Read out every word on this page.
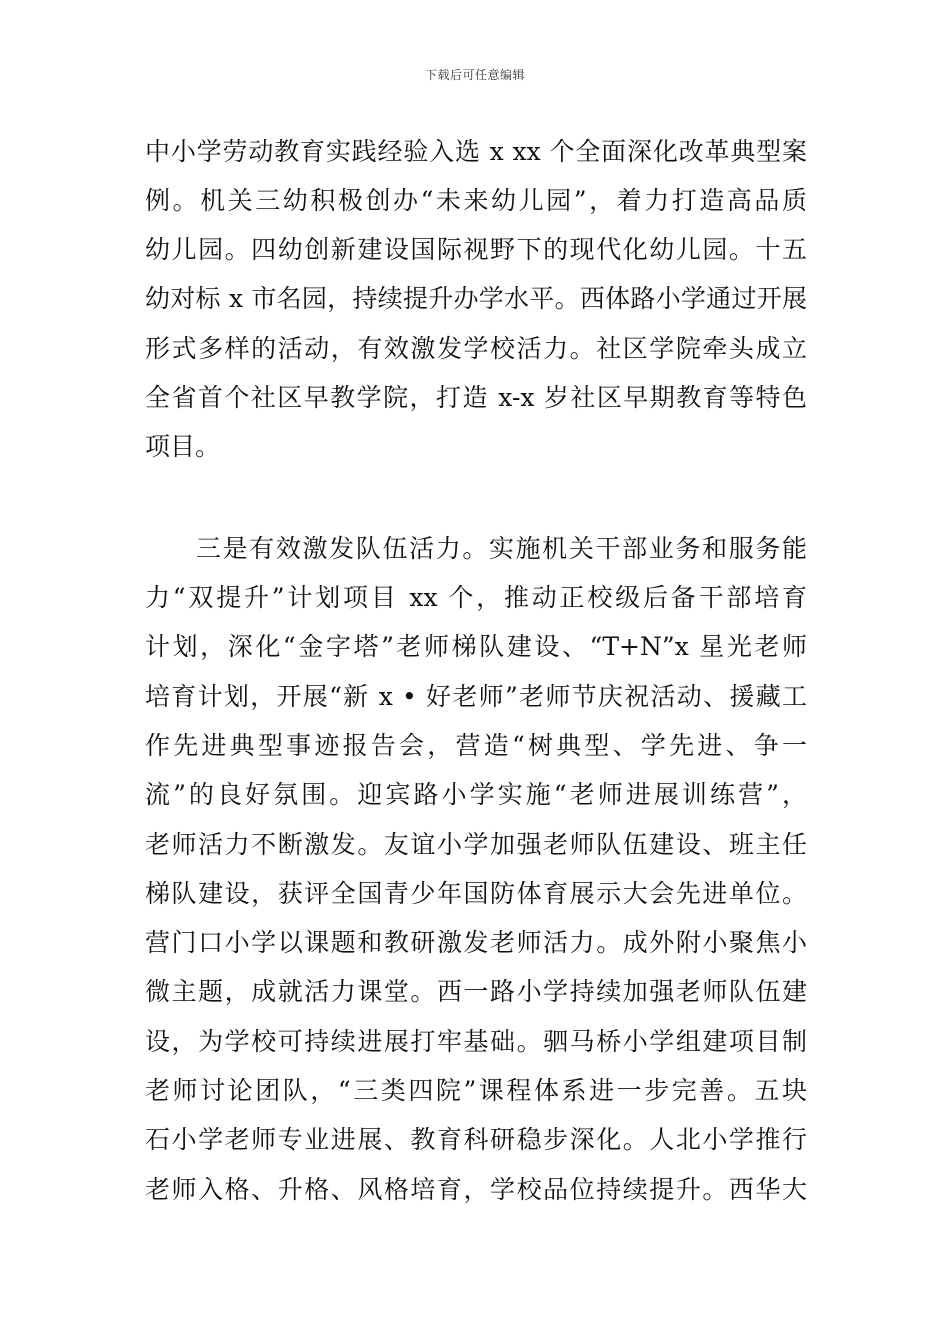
下载后可任意编辑
中小学劳动教育实践经验入选 x xx 个全面深化改革典型案
例。机关三幼积极创办“未来幼儿园”，着力打造高品质
幼儿园。四幼创新建设国际视野下的现代化幼儿园。十五
幼对标 x 市名园，持续提升办学水平。西体路小学通过开展
形式多样的活动，有效激发学校活力。社区学院牵头成立
全省首个社区早教学院，打造 x-x 岁社区早期教育等特色
项目。
三是有效激发队伍活力。实施机关干部业务和服务能
力“双提升”计划项目 xx 个，推动正校级后备干部培育
计划，深化“金字塔”老师梯队建设、“T+N”x 星光老师
培育计划，开展“新 x • 好老师”老师节庆祝活动、援藏工
作先进典型事迹报告会，营造“树典型、学先进、争一
流”的良好氛围。迎宾路小学实施“老师进展训练营”，
老师活力不断激发。友谊小学加强老师队伍建设、班主任
梯队建设，获评全国青少年国防体育展示大会先进单位。
营门口小学以课题和教研激发老师活力。成外附小聚焦小
微主题，成就活力课堂。西一路小学持续加强老师队伍建
设，为学校可持续进展打牢基础。驷马桥小学组建项目制
老师讨论团队，“三类四院”课程体系进一步完善。五块
石小学老师专业进展、教育科研稳步深化。人北小学推行
老师入格、升格、风格培育，学校品位持续提升。西华大
